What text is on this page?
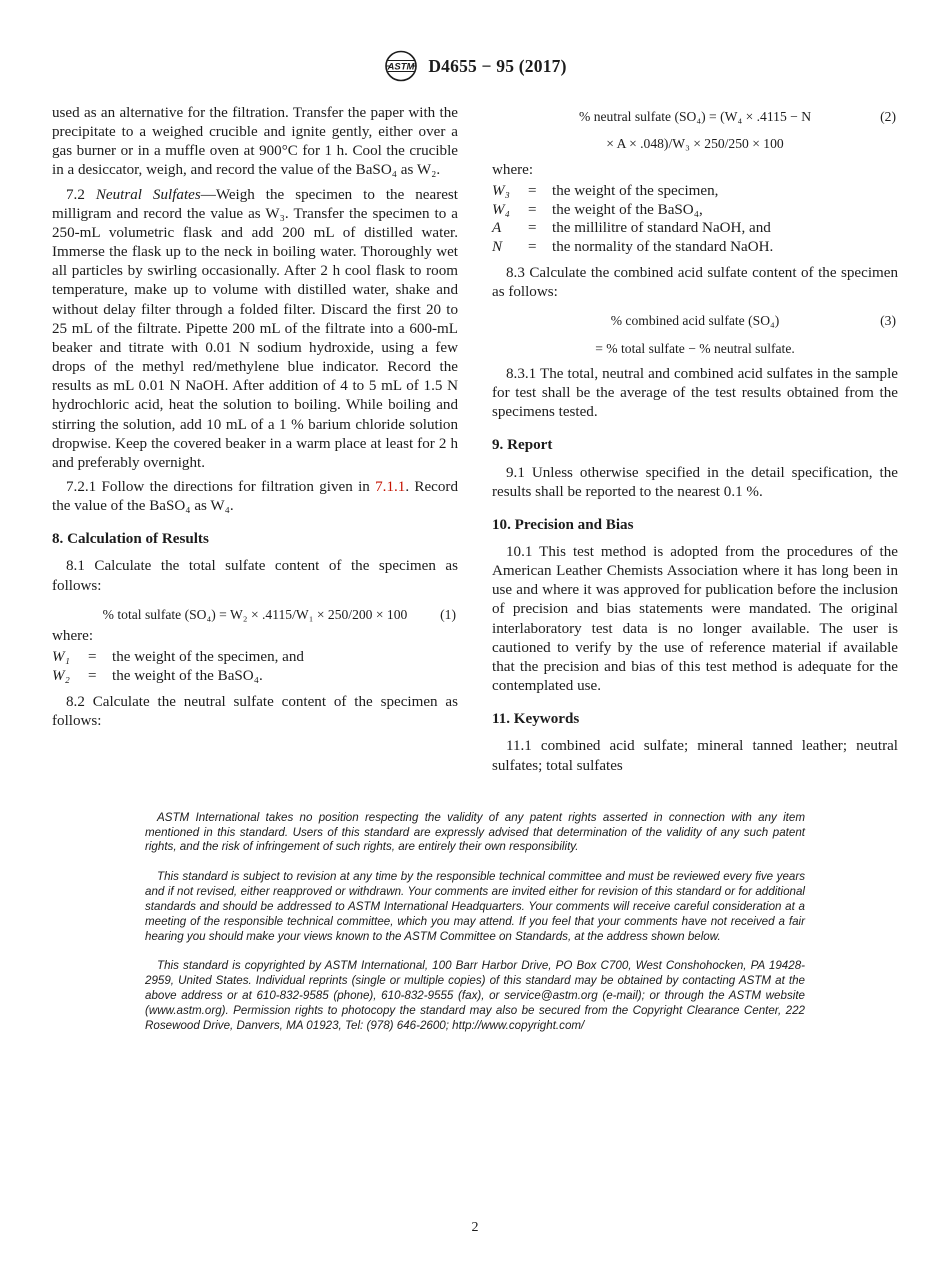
ASTM D4655 − 95 (2017)

used as an alternative for the filtration. Transfer the paper with the precipitate to a weighed crucible and ignite gently, either over a gas burner or in a muffle oven at 900°C for 1 h. Cool the crucible in a desiccator, weigh, and record the value of the BaSO₄ as W₂.

7.2 Neutral Sulfates—Weigh the specimen to the nearest milligram and record the value as W₃. Transfer the specimen to a 250-mL volumetric flask and add 200 mL of distilled water. Immerse the flask up to the neck in boiling water. Thoroughly wet all particles by swirling occasionally. After 2 h cool flask to room temperature, make up to volume with distilled water, shake and without delay filter through a folded filter. Discard the first 20 to 25 mL of the filtrate. Pipette 200 mL of the filtrate into a 600-mL beaker and titrate with 0.01 N sodium hydroxide, using a few drops of the methyl red/methylene blue indicator. Record the results as mL 0.01 N NaOH. After addition of 4 to 5 mL of 1.5 N hydrochloric acid, heat the solution to boiling. While boiling and stirring the solution, add 10 mL of a 1 % barium chloride solution dropwise. Keep the covered beaker in a warm place at least for 2 h and preferably overnight.

7.2.1 Follow the directions for filtration given in 7.1.1. Record the value of the BaSO₄ as W₄.

8. Calculation of Results

8.1 Calculate the total sulfate content of the specimen as follows:

% total sulfate (SO₄) = W₂ × .4115/W₁ × 250/200 × 100 (1)

where:

W₁	=	the weight of the specimen, and
W₂	=	the weight of the BaSO₄.

8.2 Calculate the neutral sulfate content of the specimen as follows:

% neutral sulfate (SO₄) = (W₄ × .4115 − N	(2)
× A × .048)/W₃ × 250/250 × 100

where:

W₃	=	the weight of the specimen,
W₄	=	the weight of the BaSO₄,
A	=	the millilitre of standard NaOH, and
N	=	the normality of the standard NaOH.

8.3 Calculate the combined acid sulfate content of the specimen as follows:

% combined acid sulfate (SO₄)	(3)
= % total sulfate − % neutral sulfate.

8.3.1 The total, neutral and combined acid sulfates in the sample for test shall be the average of the test results obtained from the specimens tested.

9. Report

9.1 Unless otherwise specified in the detail specification, the results shall be reported to the nearest 0.1 %.

10. Precision and Bias

10.1 This test method is adopted from the procedures of the American Leather Chemists Association where it has long been in use and where it was approved for publication before the inclusion of precision and bias statements were mandated. The original interlaboratory test data is no longer available. The user is cautioned to verify by the use of reference material if available that the precision and bias of this test method is adequate for the contemplated use.

11. Keywords

11.1 combined acid sulfate; mineral tanned leather; neutral sulfates; total sulfates

ASTM International takes no position respecting the validity of any patent rights asserted in connection with any item mentioned in this standard. Users of this standard are expressly advised that determination of the validity of any such patent rights, and the risk of infringement of such rights, are entirely their own responsibility.

This standard is subject to revision at any time by the responsible technical committee and must be reviewed every five years and if not revised, either reapproved or withdrawn. Your comments are invited either for revision of this standard or for additional standards and should be addressed to ASTM International Headquarters. Your comments will receive careful consideration at a meeting of the responsible technical committee, which you may attend. If you feel that your comments have not received a fair hearing you should make your views known to the ASTM Committee on Standards, at the address shown below.

This standard is copyrighted by ASTM International, 100 Barr Harbor Drive, PO Box C700, West Conshohocken, PA 19428-2959, United States. Individual reprints (single or multiple copies) of this standard may be obtained by contacting ASTM at the above address or at 610-832-9585 (phone), 610-832-9555 (fax), or service@astm.org (e-mail); or through the ASTM website (www.astm.org). Permission rights to photocopy the standard may also be secured from the Copyright Clearance Center, 222 Rosewood Drive, Danvers, MA 01923, Tel: (978) 646-2600; http://www.copyright.com/

2
